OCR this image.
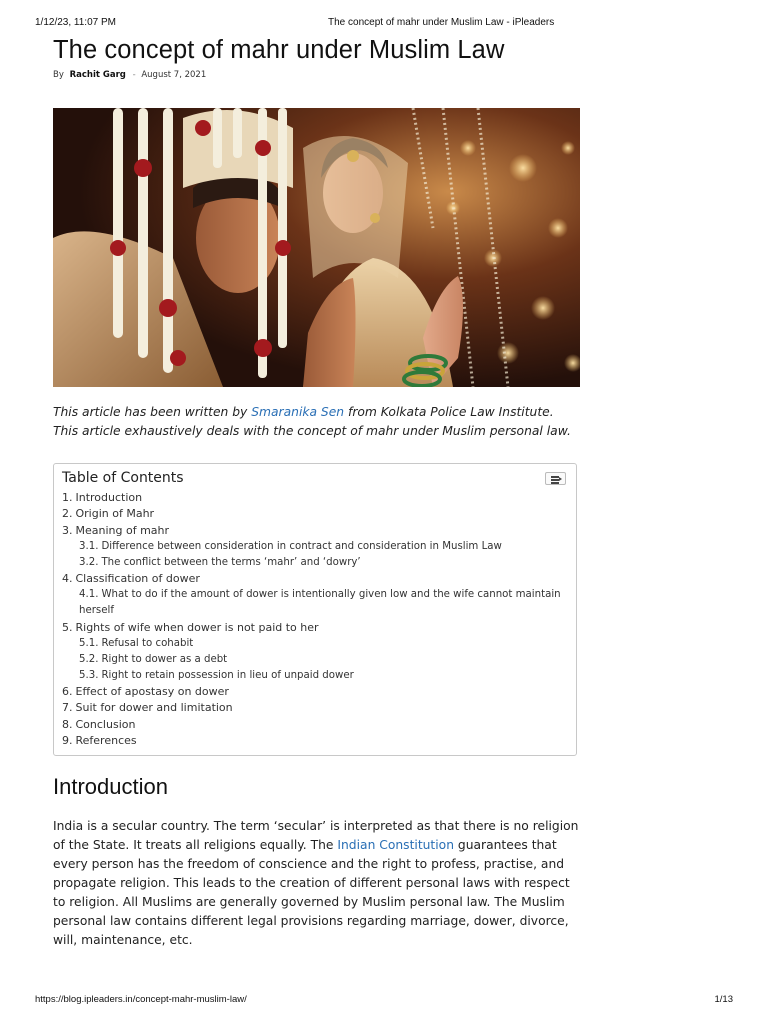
1/12/23, 11:07 PM	The concept of mahr under Muslim Law - iPleaders
The concept of mahr under Muslim Law
By Rachit Garg - August 7, 2021

This article has been written by Smaranika Sen from Kolkata Police Law Institute. This article exhaustively deals with the concept of mahr under Muslim personal law.

Table of Contents
1. Introduction
2. Origin of Mahr
3. Meaning of mahr
3.1. Difference between consideration in contract and consideration in Muslim Law
3.2. The conflict between the terms ‘mahr’ and ‘dowry’
4. Classification of dower
4.1. What to do if the amount of dower is intentionally given low and the wife cannot maintain herself
5. Rights of wife when dower is not paid to her
5.1. Refusal to cohabit
5.2. Right to dower as a debt
5.3. Right to retain possession in lieu of unpaid dower
6. Effect of apostasy on dower
7. Suit for dower and limitation
8. Conclusion
9. References
Introduction

India is a secular country. The term ‘secular’ is interpreted as that there is no religion of the State. It treats all religions equally. The Indian Constitution guarantees that every person has the freedom of conscience and the right to profess, practise, and propagate religion. This leads to the creation of different personal laws with respect to religion. All Muslims are generally governed by Muslim personal law. The Muslim personal law contains different legal provisions regarding marriage, dower, divorce, will, maintenance, etc.

https://blog.ipleaders.in/concept-mahr-muslim-law/	1/13
